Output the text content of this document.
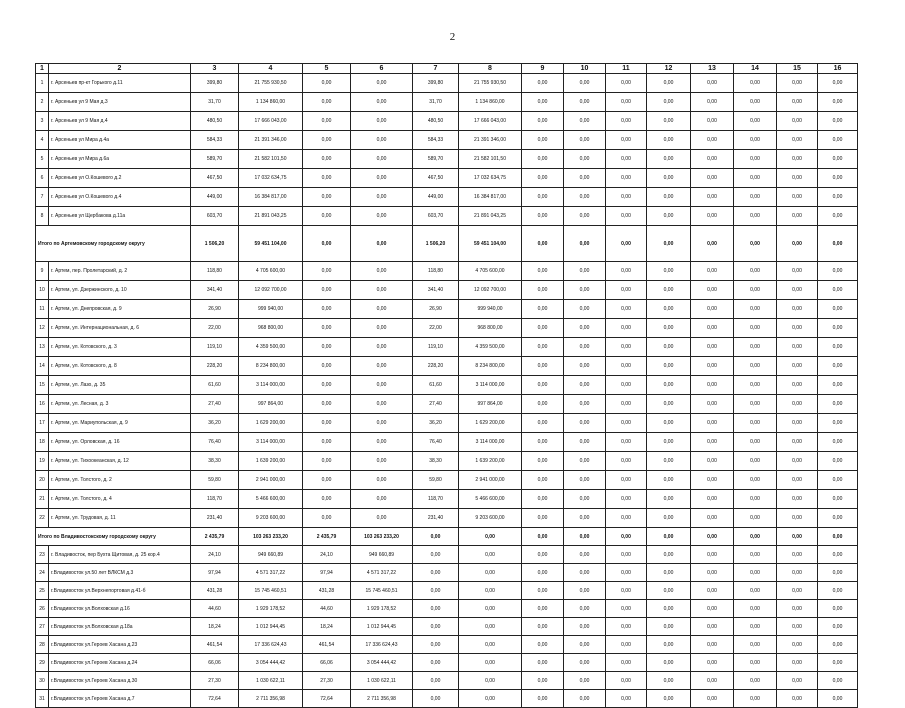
2
1	2	3	4	5	6	7	8	9	10	11	12	13	14	15	16
1	г. Арсеньев пр-кт Горького д.11	399,80	21 755 930,50	0,00	0,00	399,80	21 755 930,50	0,00	0,00	0,00	0,00	0,00	0,00	0,00	0,00
2	г. Арсеньев ул 9 Мая д.3	31,70	1 134 860,00	0,00	0,00	31,70	1 134 860,00	0,00	0,00	0,00	0,00	0,00	0,00	0,00	0,00
3	г. Арсеньев ул 9 Мая д.4	480,50	17 666 043,00	0,00	0,00	480,50	17 666 043,00	0,00	0,00	0,00	0,00	0,00	0,00	0,00	0,00
4	г. Арсеньев ул Мира д.4а	584,33	21 391 346,00	0,00	0,00	584,33	21 391 346,00	0,00	0,00	0,00	0,00	0,00	0,00	0,00	0,00
5	г. Арсеньев ул Мира д.6а	589,70	21 582 101,50	0,00	0,00	589,70	21 582 101,50	0,00	0,00	0,00	0,00	0,00	0,00	0,00	0,00
6	г. Арсеньев ул О.Кошевого д.2	467,50	17 032 634,75	0,00	0,00	467,50	17 032 634,75	0,00	0,00	0,00	0,00	0,00	0,00	0,00	0,00
7	г. Арсеньев ул О.Кошевого д.4	449,00	16 384 817,00	0,00	0,00	449,00	16 384 817,00	0,00	0,00	0,00	0,00	0,00	0,00	0,00	0,00
8	г. Арсеньев ул Щербакова д.11а	603,70	21 891 043,25	0,00	0,00	603,70	21 891 043,25	0,00	0,00	0,00	0,00	0,00	0,00	0,00	0,00
Итого по Артемовскому городскому округу		1 506,20	59 451 104,00	0,00	0,00	1 506,20	59 451 104,00	0,00	0,00	0,00	0,00	0,00	0,00	0,00	0,00
9	г. Артем, пер. Пролетарский, д. 2	118,80	4 705 600,00	0,00	0,00	118,80	4 705 600,00	0,00	0,00	0,00	0,00	0,00	0,00	0,00	0,00
10	г. Артем, ул. Дзержинского, д. 10	341,40	12 092 700,00	0,00	0,00	341,40	12 092 700,00	0,00	0,00	0,00	0,00	0,00	0,00	0,00	0,00
11	г. Артем, ул. Днепровская, д. 9	26,90	999 940,00	0,00	0,00	26,90	999 940,00	0,00	0,00	0,00	0,00	0,00	0,00	0,00	0,00
12	г. Артем, ул. Интернациональная, д. 6	22,00	968 800,00	0,00	0,00	22,00	968 800,00	0,00	0,00	0,00	0,00	0,00	0,00	0,00	0,00
13	г. Артем, ул. Котовского, д. 3	119,10	4 359 500,00	0,00	0,00	119,10	4 359 500,00	0,00	0,00	0,00	0,00	0,00	0,00	0,00	0,00
14	г. Артем, ул. Котовского, д. 8	228,20	8 234 800,00	0,00	0,00	228,20	8 234 800,00	0,00	0,00	0,00	0,00	0,00	0,00	0,00	0,00
15	г. Артем, ул. Лазо, д. 35	61,60	3 114 000,00	0,00	0,00	61,60	3 114 000,00	0,00	0,00	0,00	0,00	0,00	0,00	0,00	0,00
16	г. Артем, ул. Лесная, д. 3	27,40	997 864,00	0,00	0,00	27,40	997 864,00	0,00	0,00	0,00	0,00	0,00	0,00	0,00	0,00
17	г. Артем, ул. Мариупольская, д. 9	36,20	1 629 200,00	0,00	0,00	36,20	1 629 200,00	0,00	0,00	0,00	0,00	0,00	0,00	0,00	0,00
18	г. Артем, ул. Орловская, д. 16	76,40	3 114 000,00	0,00	0,00	76,40	3 114 000,00	0,00	0,00	0,00	0,00	0,00	0,00	0,00	0,00
19	г. Артем, ул. Тихоокеанская, д. 12	38,30	1 639 200,00	0,00	0,00	38,30	1 639 200,00	0,00	0,00	0,00	0,00	0,00	0,00	0,00	0,00
20	г. Артем, ул. Толстого, д. 2	59,80	2 941 000,00	0,00	0,00	59,80	2 941 000,00	0,00	0,00	0,00	0,00	0,00	0,00	0,00	0,00
21	г. Артем, ул. Толстого, д. 4	118,70	5 466 600,00	0,00	0,00	118,70	5 466 600,00	0,00	0,00	0,00	0,00	0,00	0,00	0,00	0,00
22	г. Артем, ул. Трудовая, д. 11	231,40	9 203 600,00	0,00	0,00	231,40	9 203 600,00	0,00	0,00	0,00	0,00	0,00	0,00	0,00	0,00
Итого по Владивостокскому городскому округу		2 435,79	103 263 233,20	2 435,79	103 263 233,20	0,00	0,00	0,00	0,00	0,00	0,00	0,00	0,00	0,00	0,00
23	г. Владивосток, пер Бухта Щитовая, д. 25 кор.4	24,10	949 660,89	24,10	949 660,89	0,00	0,00	0,00	0,00	0,00	0,00	0,00	0,00	0,00	0,00
24	г.Владивосток ул.50 лет ВЛКСМ д.3	97,94	4 571 317,22	97,94	4 571 317,22	0,00	0,00	0,00	0,00	0,00	0,00	0,00	0,00	0,00	0,00
25	г.Владивосток ул.Верхнепортовая д.41-б	431,28	15 745 460,51	431,28	15 745 460,51	0,00	0,00	0,00	0,00	0,00	0,00	0,00	0,00	0,00	0,00
26	г.Владивосток ул.Волховская д.16	44,60	1 929 178,52	44,60	1 929 178,52	0,00	0,00	0,00	0,00	0,00	0,00	0,00	0,00	0,00	0,00
27	г.Владивосток ул.Волховская д.18а	18,24	1 012 944,45	18,24	1 012 944,45	0,00	0,00	0,00	0,00	0,00	0,00	0,00	0,00	0,00	0,00
28	г.Владивосток ул.Героев Хасана д.23	461,54	17 336 624,43	461,54	17 336 624,43	0,00	0,00	0,00	0,00	0,00	0,00	0,00	0,00	0,00	0,00
29	г.Владивосток ул.Героев Хасана д.24	66,06	3 054 444,42	66,06	3 054 444,42	0,00	0,00	0,00	0,00	0,00	0,00	0,00	0,00	0,00	0,00
30	г.Владивосток ул.Героев Хасана д.30	27,30	1 030 622,11	27,30	1 030 622,11	0,00	0,00	0,00	0,00	0,00	0,00	0,00	0,00	0,00	0,00
31	г.Владивосток ул.Героев Хасана д.7	72,64	2 711 356,98	72,64	2 711 356,98	0,00	0,00	0,00	0,00	0,00	0,00	0,00	0,00	0,00	0,00
